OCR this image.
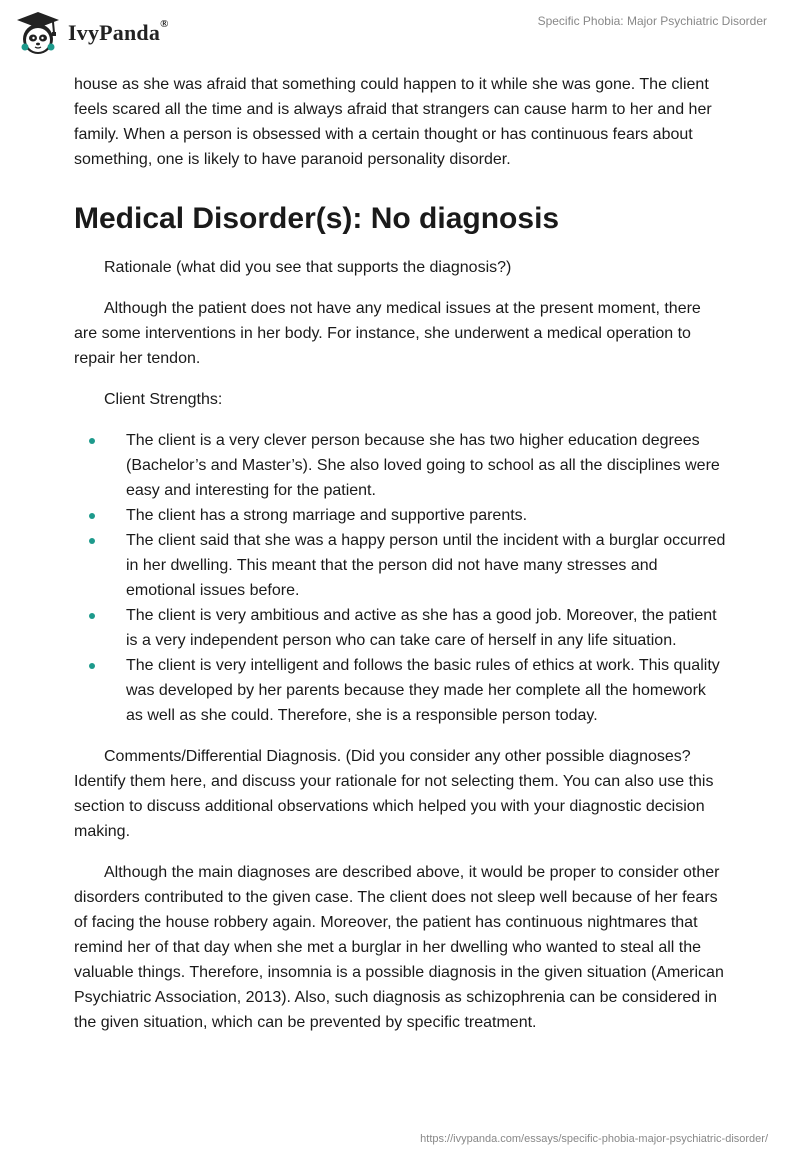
IvyPanda®	Specific Phobia: Major Psychiatric Disorder

house as she was afraid that something could happen to it while she was gone. The client feels scared all the time and is always afraid that strangers can cause harm to her and her family. When a person is obsessed with a certain thought or has continuous fears about something, one is likely to have paranoid personality disorder.

Medical Disorder(s): No diagnosis

Rationale (what did you see that supports the diagnosis?)

Although the patient does not have any medical issues at the present moment, there are some interventions in her body. For instance, she underwent a medical operation to repair her tendon.

Client Strengths:

The client is a very clever person because she has two higher education degrees (Bachelor’s and Master’s). She also loved going to school as all the disciplines were easy and interesting for the patient.
The client has a strong marriage and supportive parents.
The client said that she was a happy person until the incident with a burglar occurred in her dwelling. This meant that the person did not have many stresses and emotional issues before.
The client is very ambitious and active as she has a good job. Moreover, the patient is a very independent person who can take care of herself in any life situation.
The client is very intelligent and follows the basic rules of ethics at work. This quality was developed by her parents because they made her complete all the homework as well as she could. Therefore, she is a responsible person today.

Comments/Differential Diagnosis. (Did you consider any other possible diagnoses? Identify them here, and discuss your rationale for not selecting them. You can also use this section to discuss additional observations which helped you with your diagnostic decision making.

Although the main diagnoses are described above, it would be proper to consider other disorders contributed to the given case. The client does not sleep well because of her fears of facing the house robbery again. Moreover, the patient has continuous nightmares that remind her of that day when she met a burglar in her dwelling who wanted to steal all the valuable things. Therefore, insomnia is a possible diagnosis in the given situation (American Psychiatric Association, 2013). Also, such diagnosis as schizophrenia can be considered in the given situation, which can be prevented by specific treatment.

https://ivypanda.com/essays/specific-phobia-major-psychiatric-disorder/
